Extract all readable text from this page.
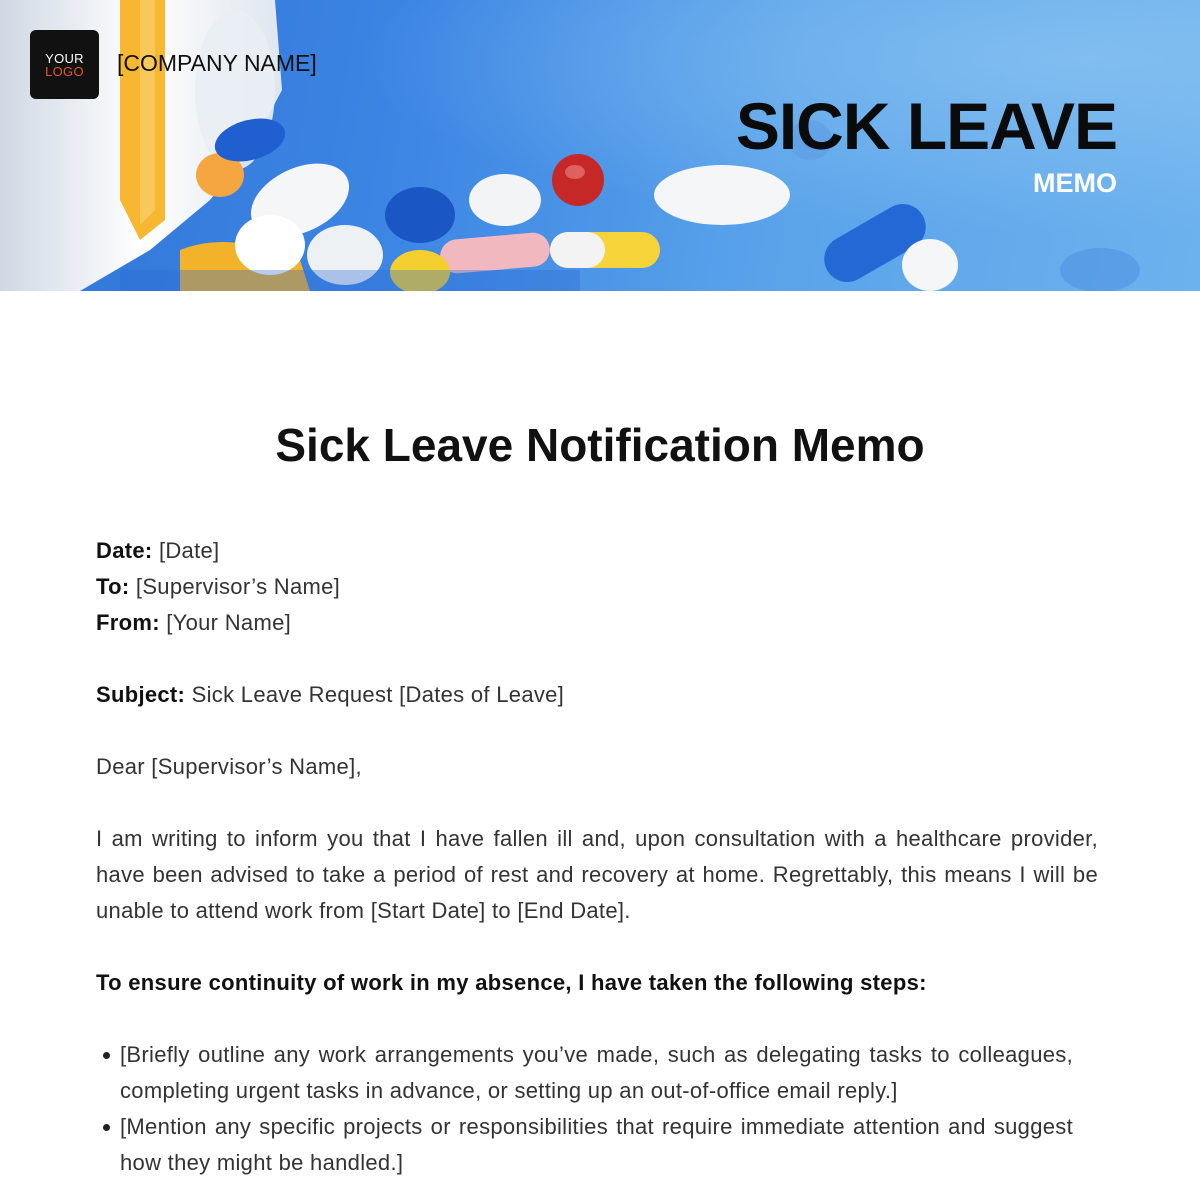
YOUR
LOGO [COMPANY NAME]
SICK LEAVE
MEMO
Sick Leave Notification Memo

Date: [Date]

To: [Supervisor’s Name]

From: [Your Name]

Subject: Sick Leave Request [Dates of Leave]

Dear [Supervisor’s Name],

I am writing to inform you that I have fallen ill and, upon consultation with a healthcare provider, have been advised to take a period of rest and recovery at home. Regrettably, this means I will be unable to attend work from [Start Date] to [End Date].

To ensure continuity of work in my absence, I have taken the following steps:

[Briefly outline any work arrangements you’ve made, such as delegating tasks to colleagues, completing urgent tasks in advance, or setting up an out-of-office email reply.]
[Mention any specific projects or responsibilities that require immediate attention and suggest how they might be handled.]
